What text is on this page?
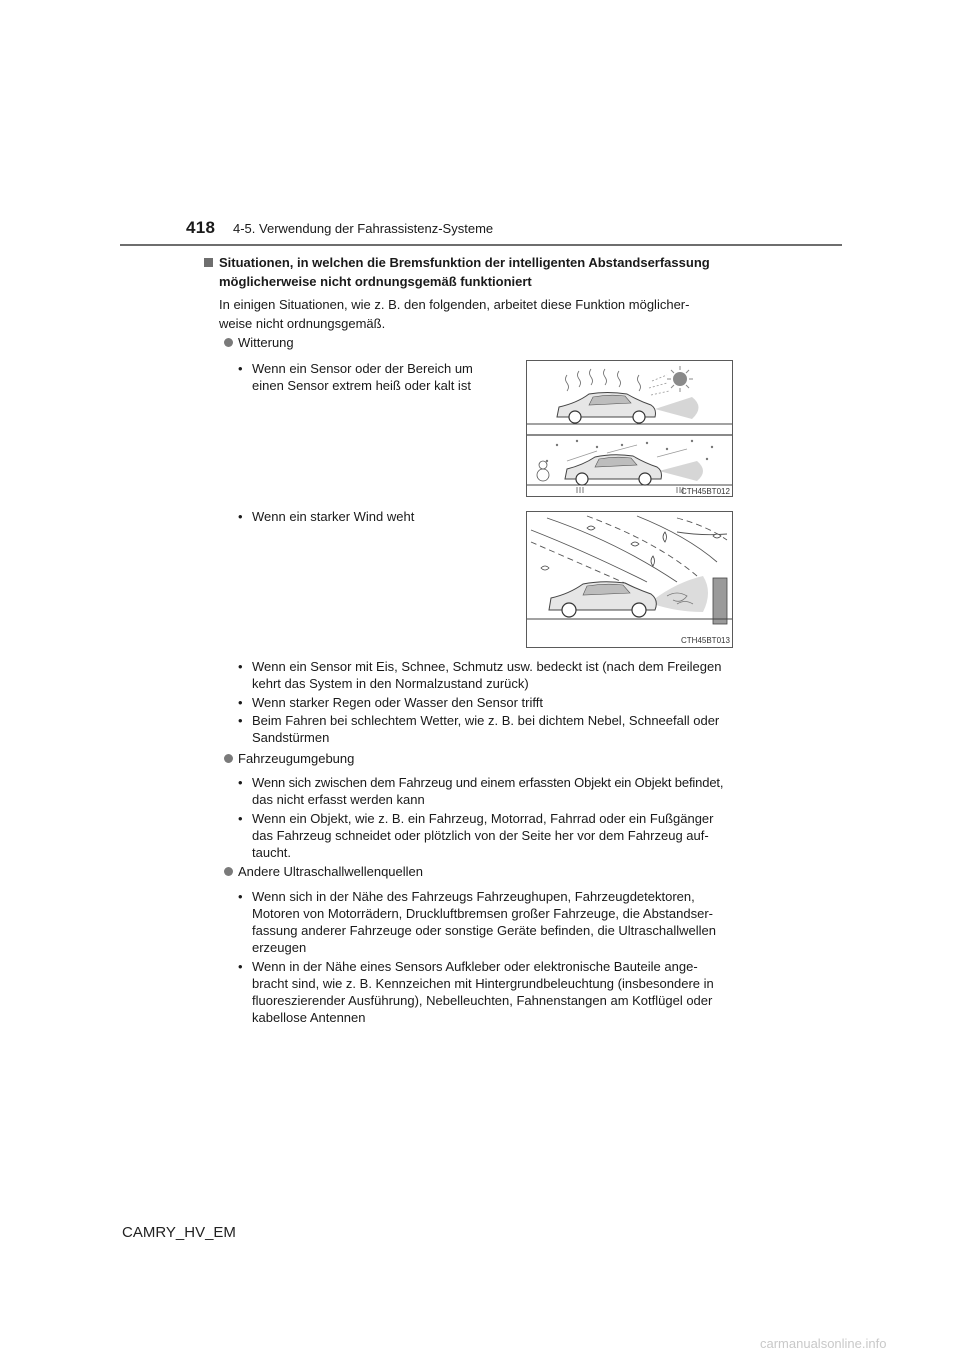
418 4-5. Verwendung der Fahrassistenz-Systeme
Situationen, in welchen die Bremsfunktion der intelligenten Abstandserfassung
möglicherweise nicht ordnungsgemäß funktioniert
In einigen Situationen, wie z. B. den folgenden, arbeitet diese Funktion möglicher-
weise nicht ordnungsgemäß.
Witterung
• Wenn ein Sensor oder der Bereich um
einen Sensor extrem heiß oder kalt ist
CTH45BT012
• Wenn ein starker Wind weht
CTH45BT013
• Wenn ein Sensor mit Eis, Schnee, Schmutz usw. bedeckt ist (nach dem Freilegen
kehrt das System in den Normalzustand zurück)
• Wenn starker Regen oder Wasser den Sensor trifft
• Beim Fahren bei schlechtem Wetter, wie z. B. bei dichtem Nebel, Schneefall oder
Sandstürmen
Fahrzeugumgebung
• Wenn sich zwischen dem Fahrzeug und einem erfassten Objekt ein Objekt befindet,
das nicht erfasst werden kann
• Wenn ein Objekt, wie z. B. ein Fahrzeug, Motorrad, Fahrrad oder ein Fußgänger
das Fahrzeug schneidet oder plötzlich von der Seite her vor dem Fahrzeug auf-
taucht.
Andere Ultraschallwellenquellen
• Wenn sich in der Nähe des Fahrzeugs Fahrzeughupen, Fahrzeugdetektoren,
Motoren von Motorrädern, Druckluftbremsen großer Fahrzeuge, die Abstandser-
fassung anderer Fahrzeuge oder sonstige Geräte befinden, die Ultraschallwellen
erzeugen
• Wenn in der Nähe eines Sensors Aufkleber oder elektronische Bauteile ange-
bracht sind, wie z. B. Kennzeichen mit Hintergrundbeleuchtung (insbesondere in
fluoreszierender Ausführung), Nebelleuchten, Fahnenstangen am Kotflügel oder
kabellose Antennen
CAMRY_HV_EM
carmanualsonline.info
